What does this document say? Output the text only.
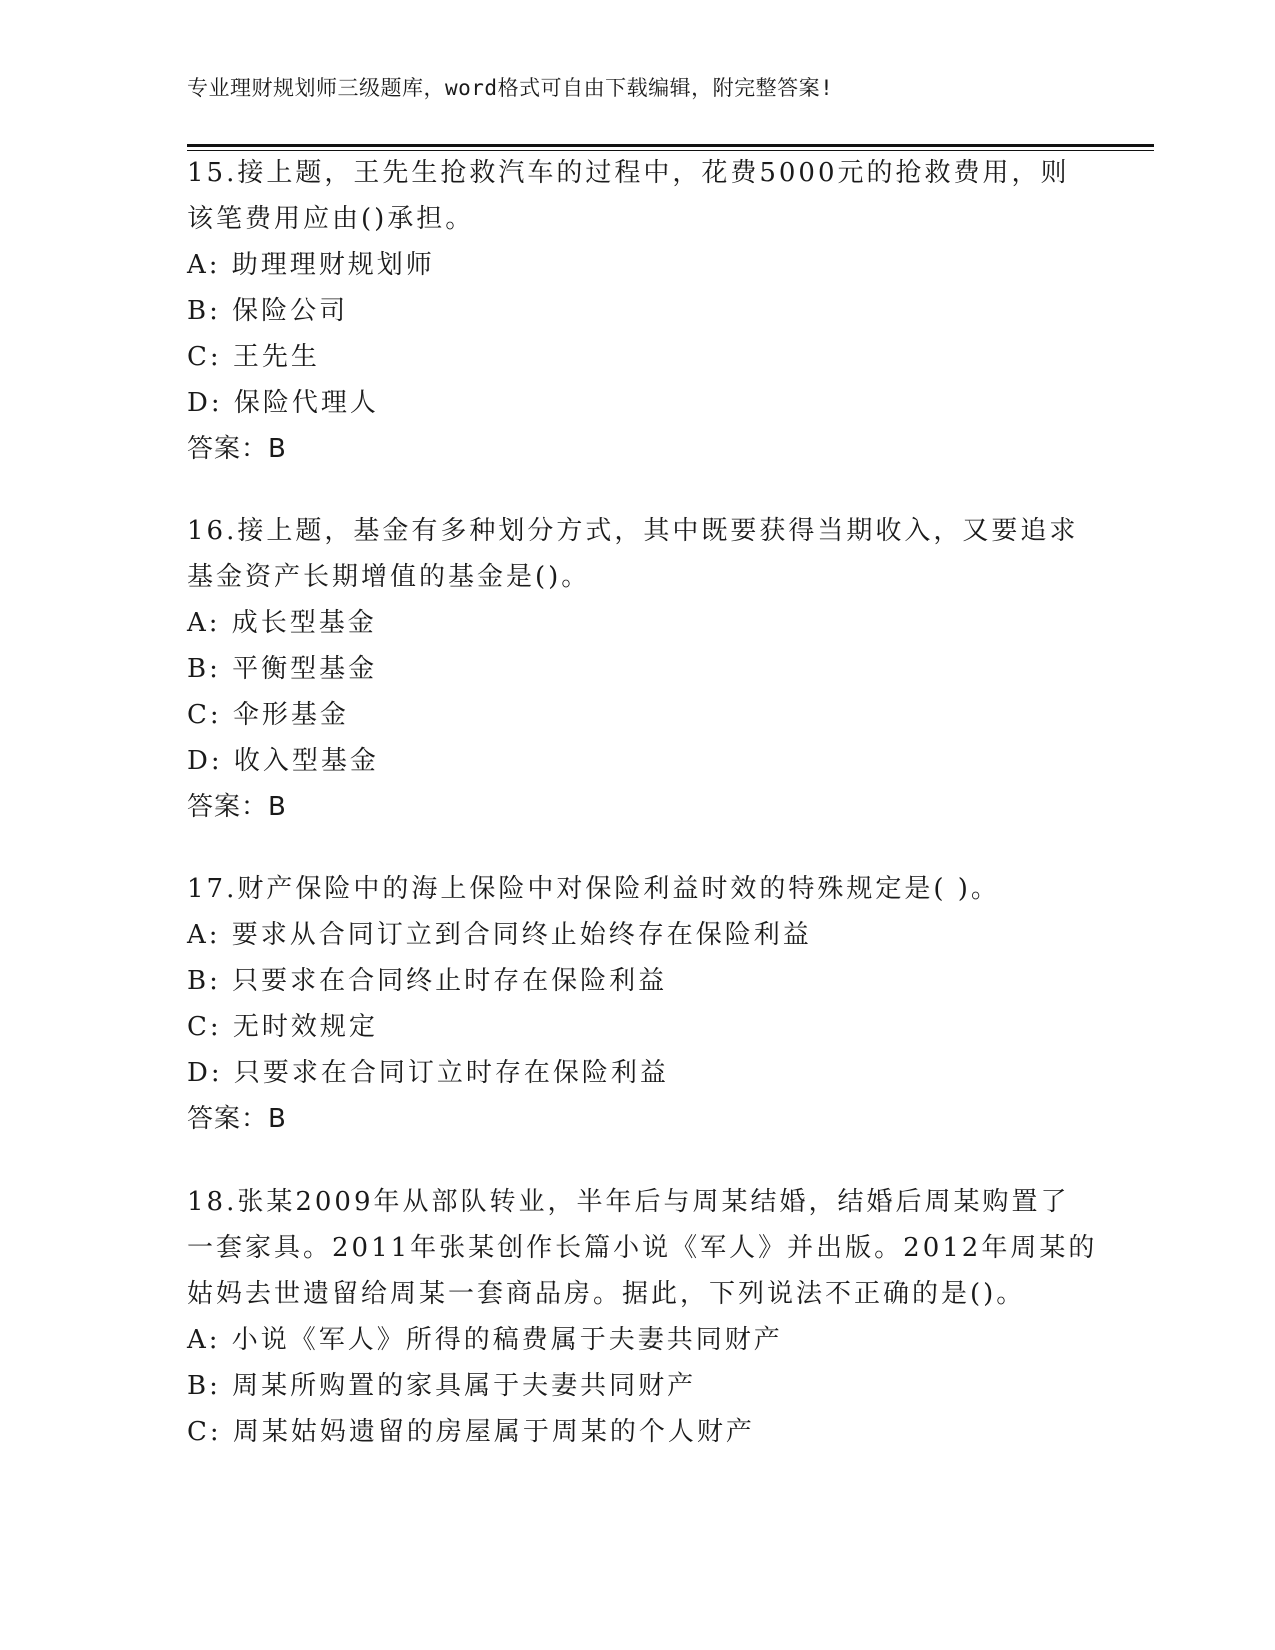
专业理财规划师三级题库，word格式可自由下载编辑，附完整答案!
15.接上题，王先生抢救汽车的过程中，花费5000元的抢救费用，则
该笔费用应由()承担。
A: 助理理财规划师
B: 保险公司
C: 王先生
D: 保险代理人
答案：B
16.接上题，基金有多种划分方式，其中既要获得当期收入，又要追求
基金资产长期增值的基金是()。
A: 成长型基金
B: 平衡型基金
C: 伞形基金
D: 收入型基金
答案：B
17.财产保险中的海上保险中对保险利益时效的特殊规定是( )。
A: 要求从合同订立到合同终止始终存在保险利益
B: 只要求在合同终止时存在保险利益
C: 无时效规定
D: 只要求在合同订立时存在保险利益
答案：B
18.张某2009年从部队转业，半年后与周某结婚，结婚后周某购置了
一套家具。2011年张某创作长篇小说《军人》并出版。2012年周某的
姑妈去世遗留给周某一套商品房。据此，下列说法不正确的是()。
A: 小说《军人》所得的稿费属于夫妻共同财产
B: 周某所购置的家具属于夫妻共同财产
C: 周某姑妈遗留的房屋属于周某的个人财产
